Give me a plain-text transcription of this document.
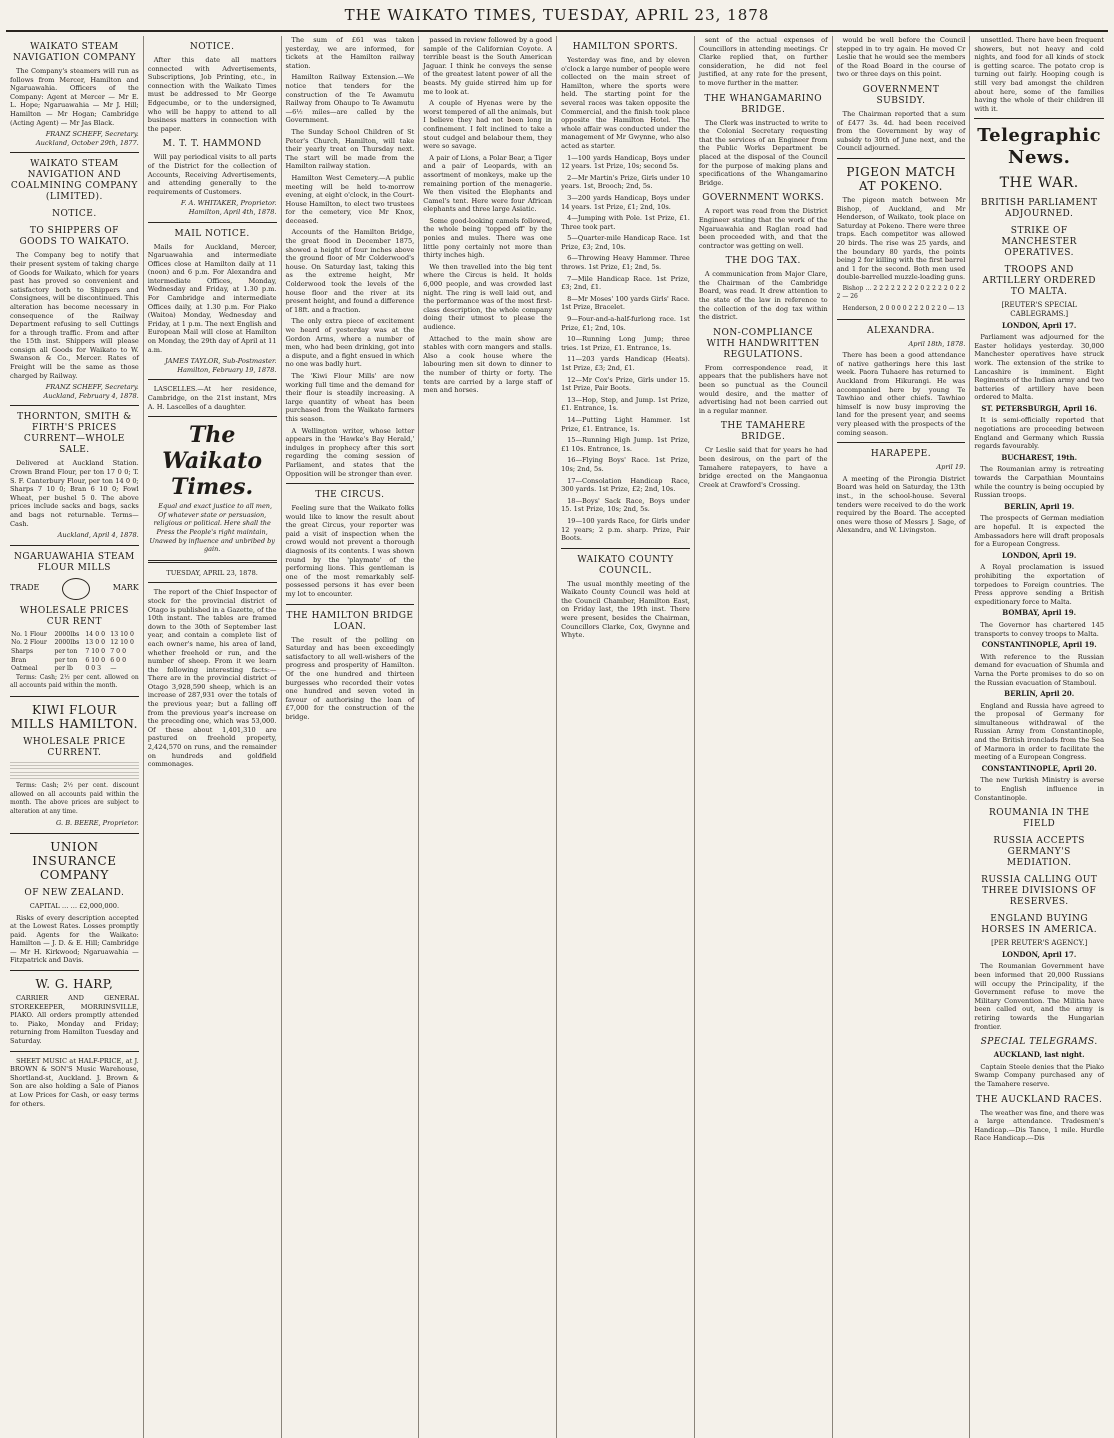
THE WAIKATO TIMES, TUESDAY, APRIL 23, 1878
WAIKATO STEAM NAVIGATION COMPANY

The Company's steamers will run as follows from Mercer, Hamilton and Ngaruawahia. Officers of the Company: Agent at Mercer — Mr E. L. Hope; Ngaruawahia — Mr J. Hill; Hamilton — Mr Hogan; Cambridge (Acting Agent) — Mr Jas Black.

FRANZ SCHEFF, Secretary. Auckland, October 29th, 1877.

WAIKATO STEAM NAVIGATION AND COALMINING COMPANY (LIMITED).
NOTICE.
TO SHIPPERS OF GOODS TO WAIKATO.

The Company beg to notify that their present system of taking charge of Goods for Waikato, which for years past has proved so convenient and satisfactory both to Shippers and Consignees, will be discontinued. This alteration has become necessary in consequence of the Railway Department refusing to sell Cuttings for a through traffic. From and after the 15th inst. Shippers will please consign all Goods for Waikato to W. Swanson & Co., Mercer. Rates of Freight will be the same as those charged by Railway.

FRANZ SCHEFF, Secretary. Auckland, February 4, 1878.

THORNTON, SMITH & FIRTH'S PRICES CURRENT—WHOLE SALE.

Delivered at Auckland Station. Crown Brand Flour, per ton 17 0 0; T. S. F. Canterbury Flour, per ton 14 0 0; Sharps 7 10 0; Bran 6 10 0; Fowl Wheat, per bushel 5 0. The above prices include sacks and bags, sacks and bags not returnable. Terms—Cash.

Auckland, April 4, 1878.

NGARUAWAHIA STEAM FLOUR MILLS
TRADE	MARK
WHOLESALE PRICES CUR RENT
No. 1 Flour	2000lbs	14 0 0	13 10 0
No. 2 Flour	2000lbs	13 0 0	12 10 0
Sharps	per ton	7 10 0	7 0 0
Bran	per ton	6 10 0	6 0 0
Oatmeal	per lb	0 0 3	—

Terms: Cash; 2½ per cent. allowed on all accounts paid within the month.

KIWI FLOUR MILLS HAMILTON.
WHOLESALE PRICE CURRENT.

Terms: Cash; 2½ per cent. discount allowed on all accounts paid within the month. The above prices are subject to alteration at any time.

G. B. BEERE, Proprietor.

UNION INSURANCE COMPANY
OF NEW ZEALAND.

CAPITAL … … £2,000,000.

Risks of every description accepted at the Lowest Rates. Losses promptly paid. Agents for the Waikato: Hamilton — J. D. & E. Hill; Cambridge — Mr H. Kirkwood; Ngaruawahia — Fitzpatrick and Davis.

W. G. HARP,

CARRIER AND GENERAL STOREKEEPER, MORRINSVILLE, PIAKO. All orders promptly attended to. Piako, Monday and Friday; returning from Hamilton Tuesday and Saturday.

SHEET MUSIC at HALF-PRICE, at J. BROWN & SON'S Music Warehouse, Shortland-st, Auckland. J. Brown & Son are also holding a Sale of Pianos at Low Prices for Cash, or easy terms for others.

NOTICE.

After this date all matters connected with Advertisements, Subscriptions, Job Printing, etc., in connection with the Waikato Times must be addressed to Mr George Edgecumbe, or to the undersigned, who will be happy to attend to all business matters in connection with the paper.

M. T. T. HAMMOND

Will pay periodical visits to all parts of the District for the collection of Accounts, Receiving Advertisements, and attending generally to the requirements of Customers.

F. A. WHITAKER, Proprietor. Hamilton, April 4th, 1878.

MAIL NOTICE.

Mails for Auckland, Mercer, Ngaruawahia and intermediate Offices close at Hamilton daily at 11 (noon) and 6 p.m. For Alexandra and intermediate Offices, Monday, Wednesday and Friday, at 1.30 p.m. For Cambridge and intermediate Offices daily, at 1.30 p.m. For Piako (Waitoa) Monday, Wednesday and Friday, at 1 p.m. The next English and European Mail will close at Hamilton on Monday, the 29th day of April at 11 a.m.

JAMES TAYLOR, Sub-Postmaster. Hamilton, February 19, 1878.

LASCELLES.—At her residence, Cambridge, on the 21st instant, Mrs A. H. Lascelles of a daughter.

The Waikato Times.

Equal and exact justice to all men, Of whatever state or persuasion, religious or political. Here shall the Press the People's right maintain, Unawed by influence and unbribed by gain.

TUESDAY, APRIL 23, 1878.

The report of the Chief Inspector of stock for the provincial district of Otago is published in a Gazette, of the 10th instant. The tables are framed down to the 30th of September last year, and contain a complete list of each owner's name, his area of land, whether freehold or run, and the number of sheep. From it we learn the following interesting facts:—There are in the provincial district of Otago 3,928,590 sheep, which is an increase of 287,931 over the totals of the previous year; but a falling off from the previous year's increase on the preceding one, which was 53,000. Of these about 1,401,310 are pastured on freehold property, 2,424,570 on runs, and the remainder on hundreds and goldfield commonages.

The sum of £61 was taken yesterday, we are informed, for tickets at the Hamilton railway station.

Hamilton Railway Extension.—We notice that tenders for the construction of the Te Awamutu Railway from Ohaupo to Te Awamutu—6½ miles—are called by the Government.

The Sunday School Children of St Peter's Church, Hamilton, will take their yearly treat on Thursday next. The start will be made from the Hamilton railway station.

Hamilton West Cemetery.—A public meeting will be held to-morrow evening, at eight o'clock, in the Court-House Hamilton, to elect two trustees for the cemetery, vice Mr Knox, deceased.

Accounts of the Hamilton Bridge, the great flood in December 1875, showed a height of four inches above the ground floor of Mr Colderwood's house. On Saturday last, taking this as the extreme height, Mr Colderwood took the levels of the house floor and the river at its present height, and found a difference of 18ft. and a fraction.

The only extra piece of excitement we heard of yesterday was at the Gordon Arms, where a number of men, who had been drinking, got into a dispute, and a fight ensued in which no one was badly hurt.

The 'Kiwi Flour Mills' are now working full time and the demand for their flour is steadily increasing. A large quantity of wheat has been purchased from the Waikato farmers this season.

A Wellington writer, whose letter appears in the 'Hawke's Bay Herald,' indulges in prophecy after this sort regarding the coming session of Parliament, and states that the Opposition will be stronger than ever.

THE CIRCUS.

Feeling sure that the Waikato folks would like to know the result about the great Circus, your reporter was paid a visit of inspection when the crowd would not prevent a thorough diagnosis of its contents. I was shown round by the 'playmate' of the performing lions. This gentleman is one of the most remarkably self-possessed persons it has ever been my lot to encounter.

THE HAMILTON BRIDGE LOAN.

The result of the polling on Saturday and has been exceedingly satisfactory to all well-wishers of the progress and prosperity of Hamilton. Of the one hundred and thirteen burgesses who recorded their votes one hundred and seven voted in favour of authorising the loan of £7,000 for the construction of the bridge.

passed in review followed by a good sample of the Californian Coyote. A terrible beast is the South American Jaguar. I think he conveys the sense of the greatest latent power of all the beasts. My guide stirred him up for me to look at.

A couple of Hyenas were by the worst tempered of all the animals, but I believe they had not been long in confinement. I felt inclined to take a stout cudgel and belabour them, they were so savage.

A pair of Lions, a Polar Bear, a Tiger and a pair of Leopards, with an assortment of monkeys, make up the remaining portion of the menagerie. We then visited the Elephants and Camel's tent. Here were four African elephants and three large Asiatic.

Some good-looking camels followed, the whole being 'topped off' by the ponies and mules. There was one little pony certainly not more than thirty inches high.

We then travelled into the big tent where the Circus is held. It holds 6,000 people, and was crowded last night. The ring is well laid out, and the performance was of the most first-class description, the whole company doing their utmost to please the audience.

Attached to the main show are stables with corn mangers and stalls. Also a cook house where the labouring men sit down to dinner to the number of thirty or forty. The tents are carried by a large staff of men and horses.

HAMILTON SPORTS.

Yesterday was fine, and by eleven o'clock a large number of people were collected on the main street of Hamilton, where the sports were held. The starting point for the several races was taken opposite the Commercial, and the finish took place opposite the Hamilton Hotel. The whole affair was conducted under the management of Mr Gwynne, who also acted as starter.

1—100 yards Handicap, Boys under 12 years. 1st Prize, 10s; second 5s.

2—Mr Martin's Prize, Girls under 10 years. 1st, Brooch; 2nd, 5s.

3—200 yards Handicap, Boys under 14 years. 1st Prize, £1; 2nd, 10s.

4—Jumping with Pole. 1st Prize, £1. Three took part.

5—Quarter-mile Handicap Race. 1st Prize, £3; 2nd, 10s.

6—Throwing Heavy Hammer. Three throws. 1st Prize, £1; 2nd, 5s.

7—Mile Handicap Race. 1st Prize, £3; 2nd, £1.

8—Mr Moses' 100 yards Girls' Race. 1st Prize, Bracelet.

9—Four-and-a-half-furlong race. 1st Prize, £1; 2nd, 10s.

10—Running Long Jump; three tries. 1st Prize, £1. Entrance, 1s.

11—203 yards Handicap (Heats). 1st Prize, £3; 2nd, £1.

12—Mr Cox's Prize, Girls under 15. 1st Prize, Pair Boots.

13—Hop, Step, and Jump. 1st Prize, £1. Entrance, 1s.

14—Putting Light Hammer. 1st Prize, £1. Entrance, 1s.

15—Running High Jump. 1st Prize, £1 10s. Entrance, 1s.

16—Flying Boys' Race. 1st Prize, 10s; 2nd, 5s.

17—Consolation Handicap Race, 300 yards. 1st Prize, £2; 2nd, 10s.

18—Boys' Sack Race, Boys under 15. 1st Prize, 10s; 2nd, 5s.

19—100 yards Race, for Girls under 12 years; 2 p.m. sharp. Prize, Pair Boots.

WAIKATO COUNTY COUNCIL.

The usual monthly meeting of the Waikato County Council was held at the Council Chamber, Hamilton East, on Friday last, the 19th inst. There were present, besides the Chairman, Councillors Clarke, Cox, Gwynne and Whyte.

sent of the actual expenses of Councillors in attending meetings. Cr Clarke replied that, on further consideration, he did not feel justified, at any rate for the present, to move further in the matter.

THE WHANGAMARINO BRIDGE.

The Clerk was instructed to write to the Colonial Secretary requesting that the services of an Engineer from the Public Works Department be placed at the disposal of the Council for the purpose of making plans and specifications of the Whangamarino Bridge.

GOVERNMENT WORKS.

A report was read from the District Engineer stating that the work of the Ngaruawahia and Raglan road had been proceeded with, and that the contractor was getting on well.

THE DOG TAX.

A communication from Major Clare, the Chairman of the Cambridge Board, was read. It drew attention to the state of the law in reference to the collection of the dog tax within the district.

NON-COMPLIANCE WITH HANDWRITTEN REGULATIONS.

From correspondence read, it appears that the publishers have not been so punctual as the Council would desire, and the matter of advertising had not been carried out in a regular manner.

THE TAMAHERE BRIDGE.

Cr Leslie said that for years he had been desirous, on the part of the Tamahere ratepayers, to have a bridge erected on the Mangaonua Creek at Crawford's Crossing.

would be well before the Council stepped in to try again. He moved Cr Leslie that he would see the members of the Road Board in the course of two or three days on this point.

GOVERNMENT SUBSIDY.

The Chairman reported that a sum of £477 3s. 4d. had been received from the Government by way of subsidy to 30th of June next, and the Council adjourned.

PIGEON MATCH AT POKENO.

The pigeon match between Mr Bishop, of Auckland, and Mr Henderson, of Waikato, took place on Saturday at Pokeno. There were three traps. Each competitor was allowed 20 birds. The rise was 25 yards, and the boundary 80 yards, the points being 2 for killing with the first barrel and 1 for the second. Both men used double-barrelled muzzle-loading guns.

Bishop … 2 2 2 2 2 2 2 2 0 2 2 2 2 0 2 2 2 — 26

Henderson, 2 0 0 0 0 2 2 2 0 2 2 0 — 13

ALEXANDRA.

April 18th, 1878.

There has been a good attendance of native gatherings here this last week. Paora Tuhaere has returned to Auckland from Hikurangi. He was accompanied here by young Te Tawhiao and other chiefs. Tawhiao himself is now busy improving the land for the present year, and seems very pleased with the prospects of the coming season.

HARAPEPE.

April 19.

A meeting of the Pirongia District Board was held on Saturday, the 13th inst., in the school-house. Several tenders were received to do the work required by the Board. The accepted ones were those of Messrs J. Sage, of Alexandra, and W. Livingston.

unsettled. There have been frequent showers, but not heavy and cold nights, and food for all kinds of stock is getting scarce. The potato crop is turning out fairly. Hooping cough is still very bad amongst the children about here, some of the families having the whole of their children ill with it.

Telegraphic News.
THE WAR.
BRITISH PARLIAMENT ADJOURNED.
STRIKE OF MANCHESTER OPERATIVES.
TROOPS AND ARTILLERY ORDERED TO MALTA.

[REUTER'S SPECIAL CABLEGRAMS.]

LONDON, April 17.

Parliament was adjourned for the Easter holidays yesterday. 30,000 Manchester operatives have struck work. The extension of the strike to Lancashire is imminent. Eight Regiments of the Indian army and two batteries of artillery have been ordered to Malta.

ST. PETERSBURGH, April 16.

It is semi-officially reported that negotiations are proceeding between England and Germany which Russia regards favourably.

BUCHAREST, 19th.

The Roumanian army is retreating towards the Carpathian Mountains while the country is being occupied by Russian troops.

BERLIN, April 19.

The prospects of German mediation are hopeful. It is expected the Ambassadors here will draft proposals for a European Congress.

LONDON, April 19.

A Royal proclamation is issued prohibiting the exportation of torpedoes to Foreign countries. The Press approve sending a British expeditionary force to Malta.

BOMBAY, April 19.

The Governor has chartered 145 transports to convey troops to Malta.

CONSTANTINOPLE, April 19.

With reference to the Russian demand for evacuation of Shumla and Varna the Porte promises to do so on the Russian evacuation of Stamboul.

BERLIN, April 20.

England and Russia have agreed to the proposal of Germany for simultaneous withdrawal of the Russian Army from Constantinople, and the British ironclads from the Sea of Marmora in order to facilitate the meeting of a European Congress.

CONSTANTINOPLE, April 20.

The new Turkish Ministry is averse to English influence in Constantinople.

ROUMANIA IN THE FIELD
RUSSIA ACCEPTS GERMANY'S MEDIATION.
RUSSIA CALLING OUT THREE DIVISIONS OF RESERVES.
ENGLAND BUYING HORSES IN AMERICA.

[PER REUTER'S AGENCY.]

LONDON, April 17.

The Roumanian Government have been informed that 20,000 Russians will occupy the Principality, if the Government refuse to move the Military Convention. The Militia have been called out, and the army is retiring towards the Hungarian frontier.

SPECIAL TELEGRAMS.

AUCKLAND, last night.

Captain Steele denies that the Piako Swamp Company purchased any of the Tamahere reserve.

THE AUCKLAND RACES.

The weather was fine, and there was a large attendance. Tradesmen's Handicap.—Dis Tance, 1 mile. Hurdle Race Handicap.—Dis
